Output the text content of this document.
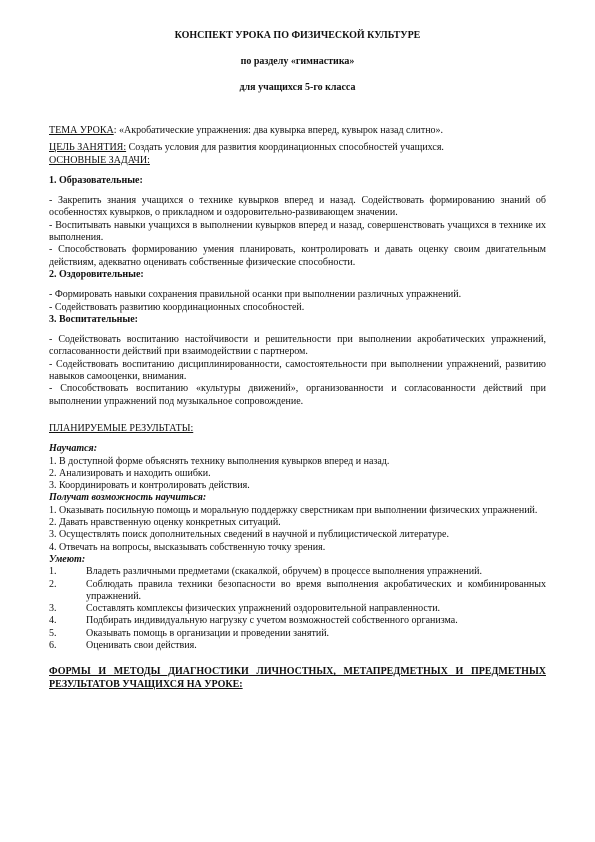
КОНСПЕКТ УРОКА ПО ФИЗИЧЕСКОЙ КУЛЬТУРЕ
по разделу «гимнастика»
для учащихся 5-го класса

ТЕМА УРОКА: «Акробатические упражнения: два кувырка вперед, кувырок назад слитно».

ЦЕЛЬ ЗАНЯТИЯ: Создать условия для развития координационных способностей учащихся.

ОСНОВНЫЕ ЗАДАЧИ:

1. Образовательные:

- Закрепить знания учащихся о технике кувырков вперед и назад. Содействовать формированию знаний об особенностях кувырков, о прикладном и оздоровительно-развивающем значении.

- Воспитывать навыки учащихся в выполнении кувырков вперед и назад, совершенствовать учащихся в технике их выполнения.

- Способствовать формированию умения планировать, контролировать и давать оценку своим двигательным действиям, адекватно оценивать собственные физические способности.

2. Оздоровительные:

- Формировать навыки сохранения правильной осанки при выполнении различных упражнений.

- Содействовать развитию координационных способностей.

3. Воспитательные:

- Содействовать воспитанию настойчивости и решительности при выполнении акробатических упражнений, согласованности действий при взаимодействии с партнером.

- Содействовать воспитанию дисциплинированности, самостоятельности при выполнении упражнений, развитию навыков самооценки, внимания.

- Способствовать воспитанию «культуры движений», организованности и согласованности действий при выполнении упражнений под музыкальное сопровождение.

ПЛАНИРУЕМЫЕ РЕЗУЛЬТАТЫ:

Научатся:

1. В доступной форме объяснять технику выполнения кувырков вперед и назад.

2. Анализировать и находить ошибки.

3. Координировать и контролировать действия.

Получат возможность научиться:

1. Оказывать посильную помощь и моральную поддержку сверстникам при выполнении физических упражнений.

2. Давать нравственную оценку конкретных ситуаций.

3. Осуществлять поиск дополнительных сведений в научной и публицистической литературе.

4. Отвечать на вопросы, высказывать собственную точку зрения.

Умеют:

1.	Владеть различными предметами (скакалкой, обручем) в процессе выполнения упражнений.
2.	Соблюдать правила техники безопасности во время выполнения акробатических и комбинированных упражнений.
3.	Составлять комплексы физических упражнений оздоровительной направленности.
4.	Подбирать индивидуальную нагрузку с учетом возможностей собственного организма.
5.	Оказывать помощь в организации и проведении занятий.
6.	Оценивать свои действия.

ФОРМЫ И МЕТОДЫ ДИАГНОСТИКИ ЛИЧНОСТНЫХ, МЕТАПРЕДМЕТНЫХ И ПРЕДМЕТНЫХ РЕЗУЛЬТАТОВ УЧАЩИХСЯ НА УРОКЕ:
